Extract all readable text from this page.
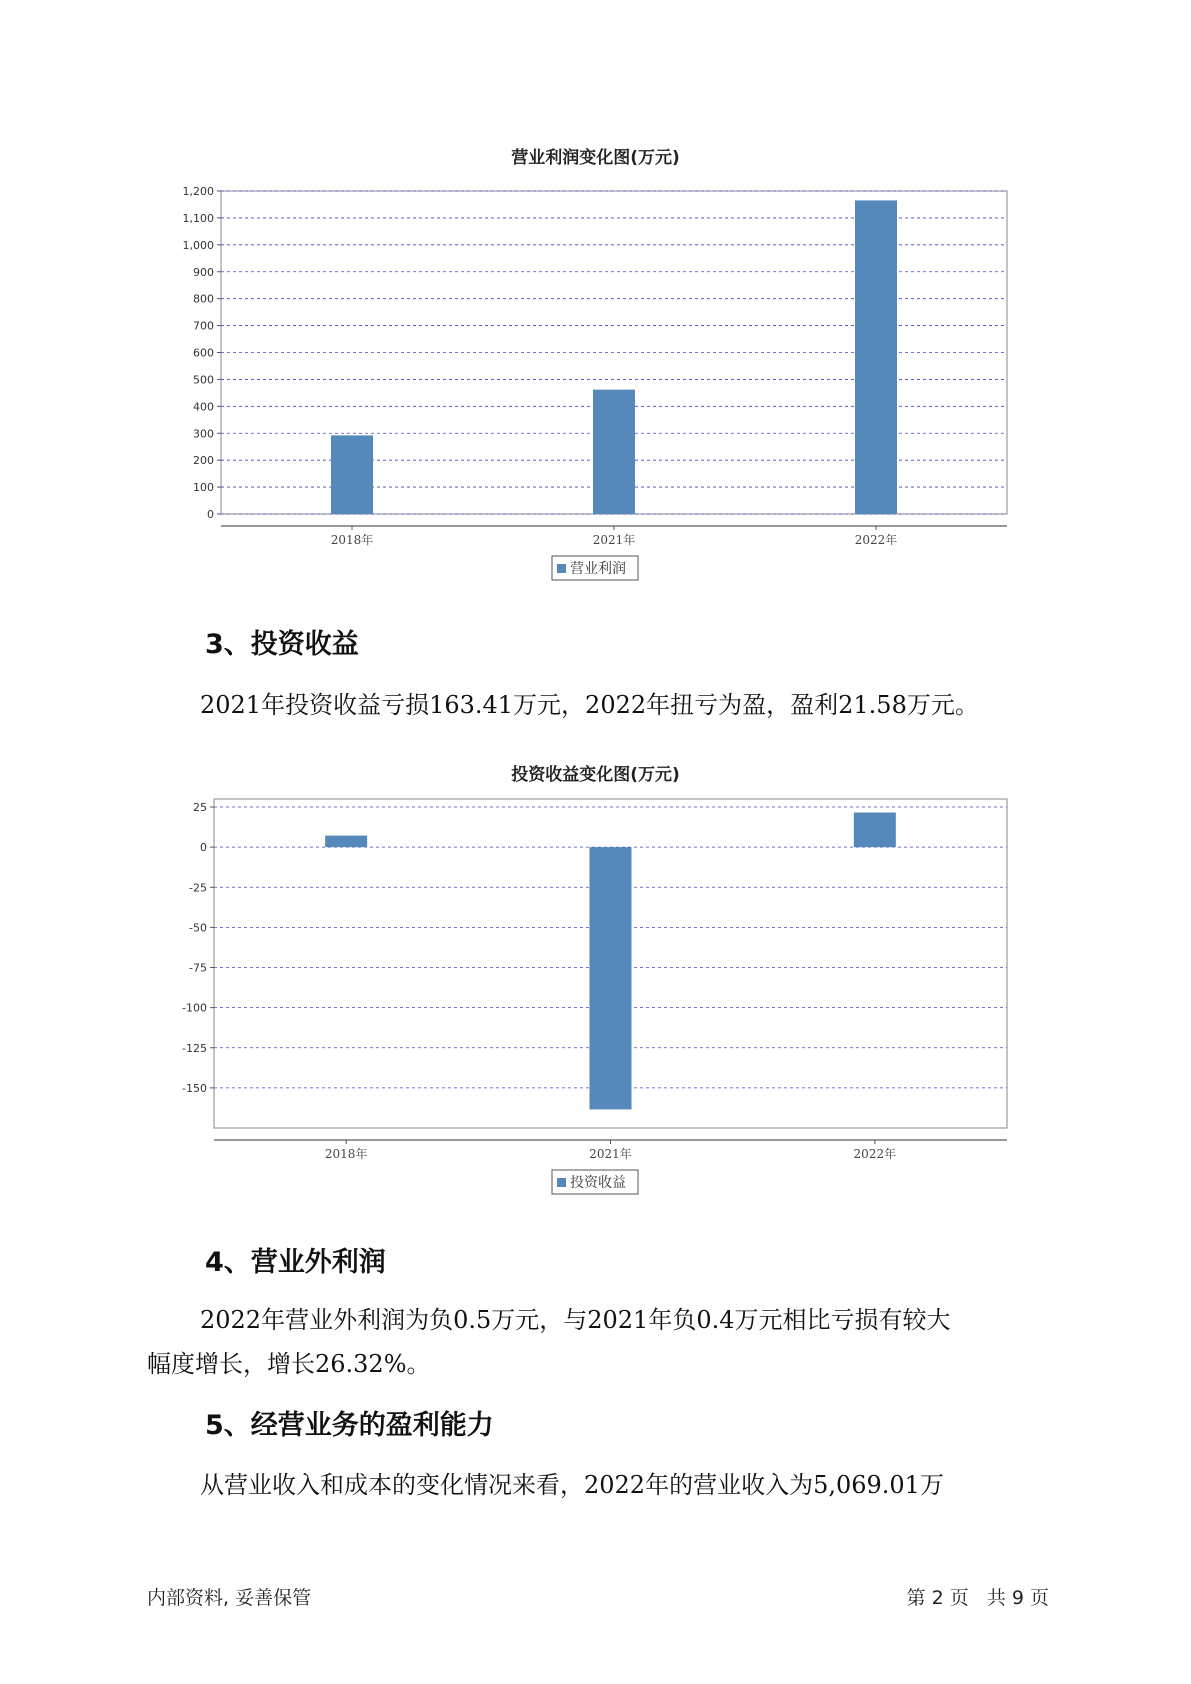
营业利润变化图(万元)
0
100
200
300
400
500
600
700
800
900
1,000
1,100
1,200
2018年	2021年	2022年
营业利润
3、投资收益
2021年投资收益亏损163.41万元，2022年扭亏为盈，盈利21.58万元。
投资收益变化图(万元)
25
0
-25
-50
-75
-100
-125
-150
2018年	2021年	2022年
投资收益
4、营业外利润
2022年营业外利润为负0.5万元，与2021年负0.4万元相比亏损有较大
幅度增长，增长26.32%。
5、经营业务的盈利能力
从营业收入和成本的变化情况来看，2022年的营业收入为5,069.01万
内部资料, 妥善保管	第 2 页   共 9 页
